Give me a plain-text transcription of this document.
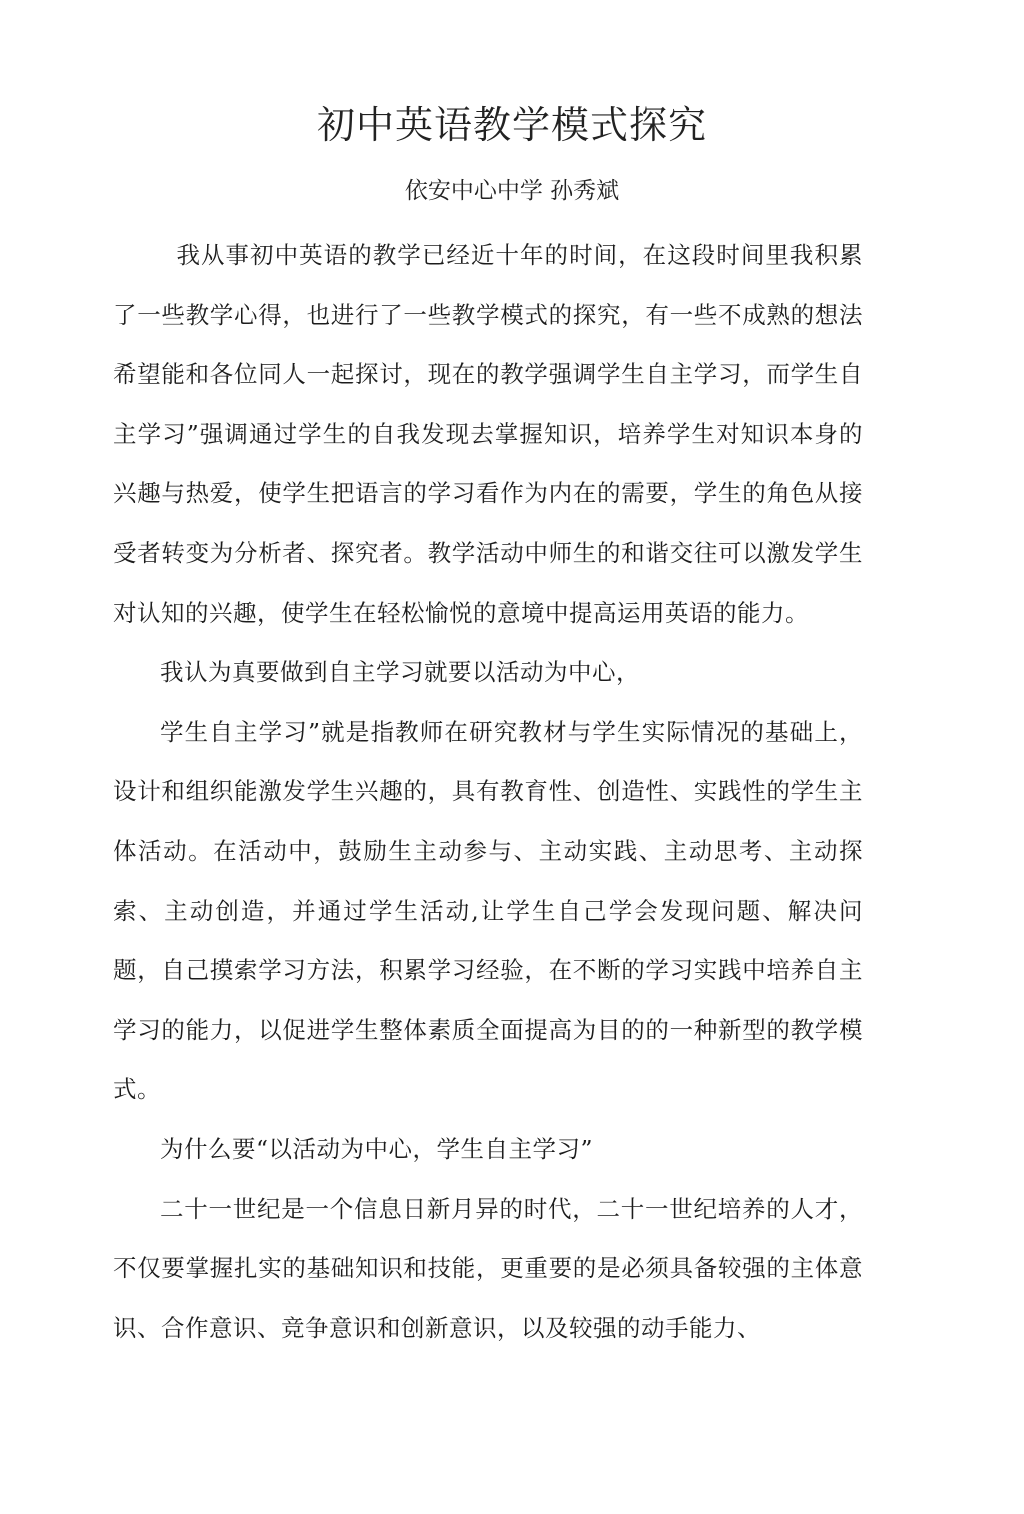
初中英语教学模式探究
依安中心中学 孙秀斌

我从事初中英语的教学已经近十年的时间，在这段时间里我积累了一些教学心得，也进行了一些教学模式的探究，有一些不成熟的想法希望能和各位同人一起探讨，现在的教学强调学生自主学习，而学生自主学习”强调通过学生的自我发现去掌握知识，培养学生对知识本身的兴趣与热爱，使学生把语言的学习看作为内在的需要，学生的角色从接受者转变为分析者、探究者。教学活动中师生的和谐交往可以激发学生对认知的兴趣，使学生在轻松愉悦的意境中提高运用英语的能力。

我认为真要做到自主学习就要以活动为中心，

学生自主学习”就是指教师在研究教材与学生实际情况的基础上，设计和组织能激发学生兴趣的，具有教育性、创造性、实践性的学生主体活动。在活动中，鼓励生主动参与、主动实践、主动思考、主动探索、主动创造，并通过学生活动,让学生自己学会发现问题、解决问题，自己摸索学习方法，积累学习经验，在不断的学习实践中培养自主学习的能力，以促进学生整体素质全面提高为目的的一种新型的教学模式。

为什么要“以活动为中心，学生自主学习”

二十一世纪是一个信息日新月异的时代，二十一世纪培养的人才，不仅要掌握扎实的基础知识和技能，更重要的是必须具备较强的主体意识、合作意识、竞争意识和创新意识，以及较强的动手能力、
